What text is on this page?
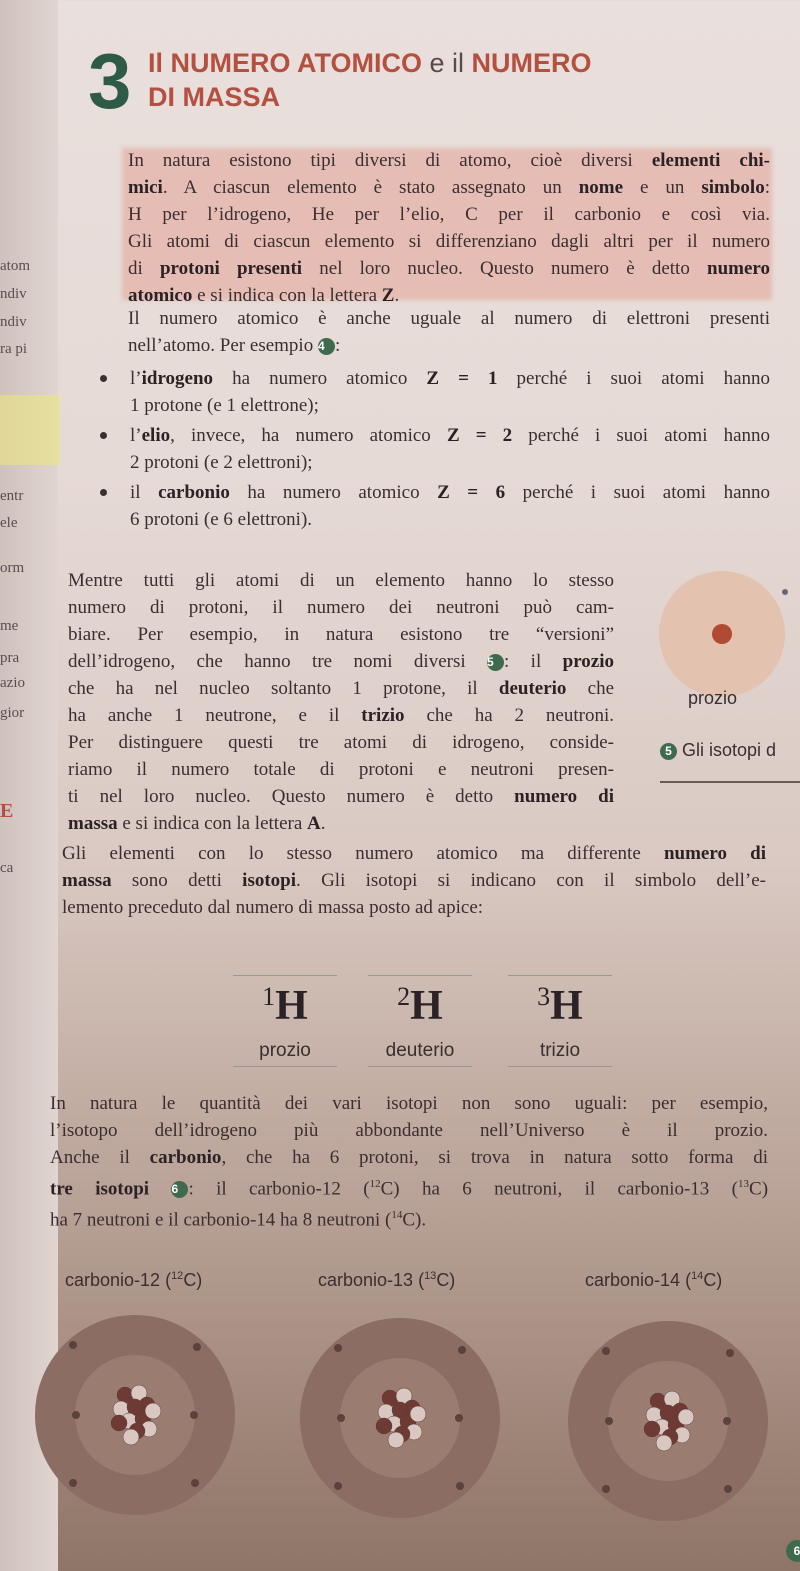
atom
ndiv
ndiv
ra pi
entr
ele
orm
me
pra
azio
gior
E
ca
3 Il NUMERO ATOMICO e il NUMERO
DI MASSA
In natura esistono tipi diversi di atomo, cioè diversi elementi chi-
mici. A ciascun elemento è stato assegnato un nome e un simbolo:
H per l’idrogeno, He per l’elio, C per il carbonio e così via.
Gli atomi di ciascun elemento si differenziano dagli altri per il numero
di protoni presenti nel loro nucleo. Questo numero è detto numero
atomico e si indica con la lettera Z.
Il numero atomico è anche uguale al numero di elettroni presenti
nell’atomo. Per esempio 4 :
l’idrogeno ha numero atomico Z = 1 perché i suoi atomi hanno
1 protone (e 1 elettrone);
l’elio, invece, ha numero atomico Z = 2 perché i suoi atomi hanno
2 protoni (e 2 elettroni);
il carbonio ha numero atomico Z = 6 perché i suoi atomi hanno
6 protoni (e 6 elettroni).
Mentre tutti gli atomi di un elemento hanno lo stesso
numero di protoni, il numero dei neutroni può cam-
biare. Per esempio, in natura esistono tre “versioni”
dell’idrogeno, che hanno tre nomi diversi 5 : il prozio
che ha nel nucleo soltanto 1 protone, il deuterio che
ha anche 1 neutrone, e il trizio che ha 2 neutroni.
Per distinguere questi tre atomi di idrogeno, conside-
riamo il numero totale di protoni e neutroni presen-
ti nel loro nucleo. Questo numero è detto numero di
massa e si indica con la lettera A.
Gli elementi con lo stesso numero atomico ma differente numero di
massa sono detti isotopi. Gli isotopi si indicano con il simbolo dell’e-
lemento preceduto dal numero di massa posto ad apice:
$^1$H
prozio
$^2$H
deuterio
$^3$H
trizio
In natura le quantità dei vari isotopi non sono uguali: per esempio,
l’isotopo dell’idrogeno più abbondante nell’Universo è il prozio.
Anche il carbonio, che ha 6 protoni, si trova in natura sotto forma di
tre isotopi 6 : il carbonio-12 ($^{12}$C) ha 6 neutroni, il carbonio-13 ($^{13}$C)
ha 7 neutroni e il carbonio-14 ha 8 neutroni ($^{14}$C).
prozio
5 Gli isotopi d
carbonio-12 ($^{12}$C)	carbonio-13 ($^{13}$C)	carbonio-14 ($^{14}$C)
6
